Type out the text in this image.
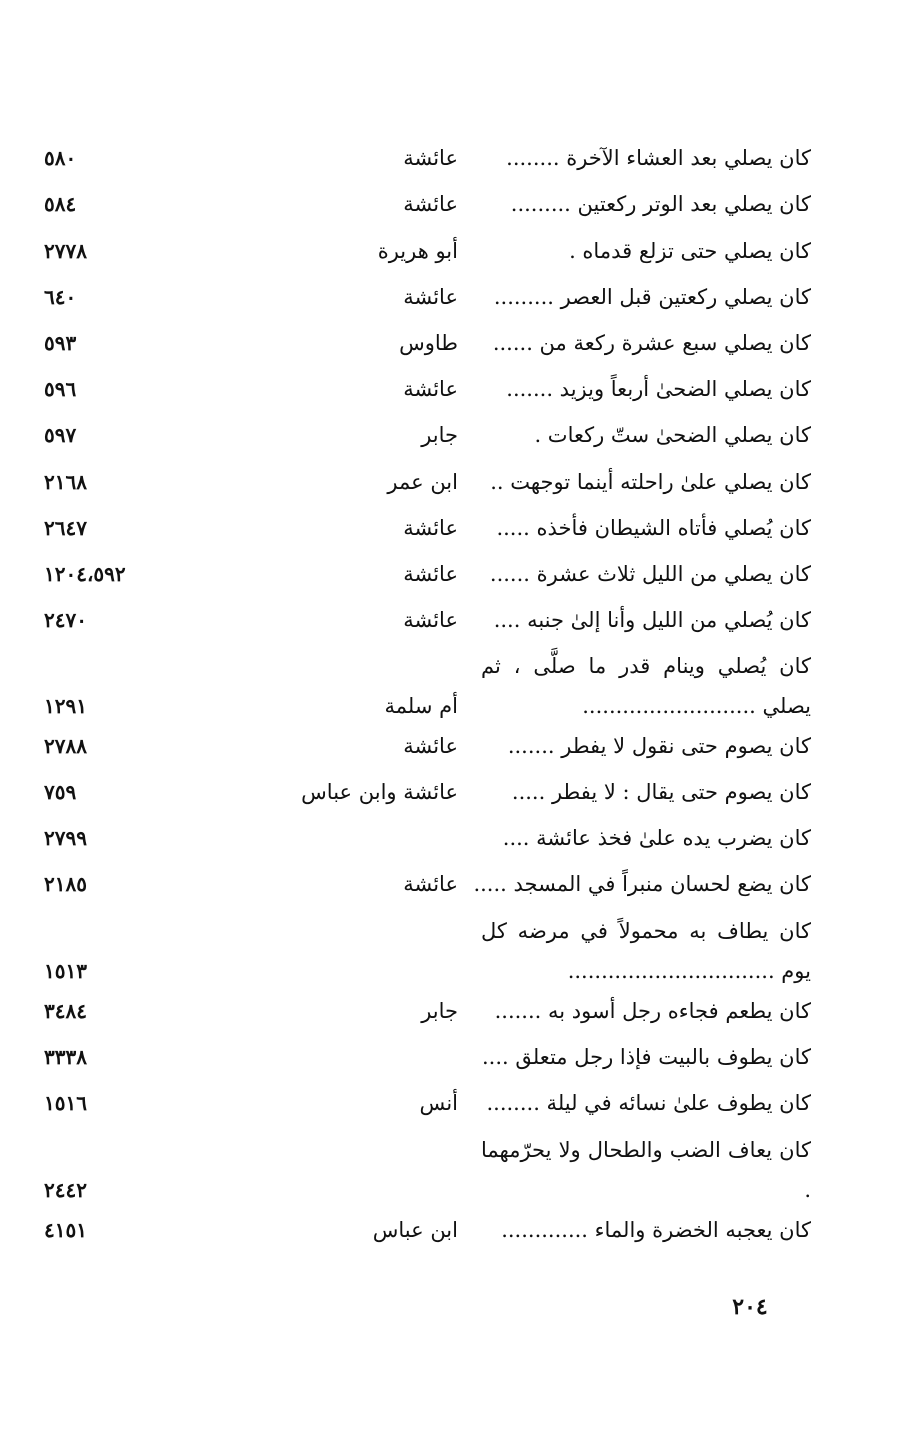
كان يصلي بعد العشاء الآخرة ........
عائشة
٥٨٠
كان يصلي بعد الوتر ركعتين .........
عائشة
٥٨٤
كان يصلي حتى تزلع قدماه .
أبو هريرة
٢٧٧٨
كان يصلي ركعتين قبل العصر .........
عائشة
٦٤٠
كان يصلي سبع عشرة ركعة من ......
طاوس
٥٩٣
كان يصلي الضحىٰ أربعاً ويزيد .......
عائشة
٥٩٦
كان يصلي الضحىٰ ستّ ركعات .
جابر
٥٩٧
كان يصلي علىٰ راحلته أينما توجهت ..
ابن عمر
٢١٦٨
كان يُصلي فأتاه الشيطان فأخذه .....
عائشة
٢٦٤٧
كان يصلي من الليل ثلاث عشرة ......
عائشة
١٢٠٤،٥٩٢
كان يُصلي من الليل وأنا إلىٰ جنبه ....
عائشة
٢٤٧٠
كان يُصلي وينام قدر ما صلَّى ، ثم يصلي ..........................
أم سلمة
١٢٩١
كان يصوم حتى نقول لا يفطر .......
عائشة
٢٧٨٨
كان يصوم حتى يقال : لا يفطر .....
عائشة وابن عباس
٧٥٩
كان يضرب يده علىٰ فخذ عائشة ....
٢٧٩٩
كان يضع لحسان منبراً في المسجد .....
عائشة
٢١٨٥
كان يطاف به محمولاً في مرضه كل يوم ...............................
١٥١٣
كان يطعم فجاءه رجل أسود به .......
جابر
٣٤٨٤
كان يطوف بالبيت فإذا رجل متعلق ....
٣٣٣٨
كان يطوف علىٰ نسائه في ليلة ........
أنس
١٥١٦
كان يعاف الضب والطحال ولا يحرّمهما .
٢٤٤٢
كان يعجبه الخضرة والماء .............
ابن عباس
٤١٥١
٢٠٤
